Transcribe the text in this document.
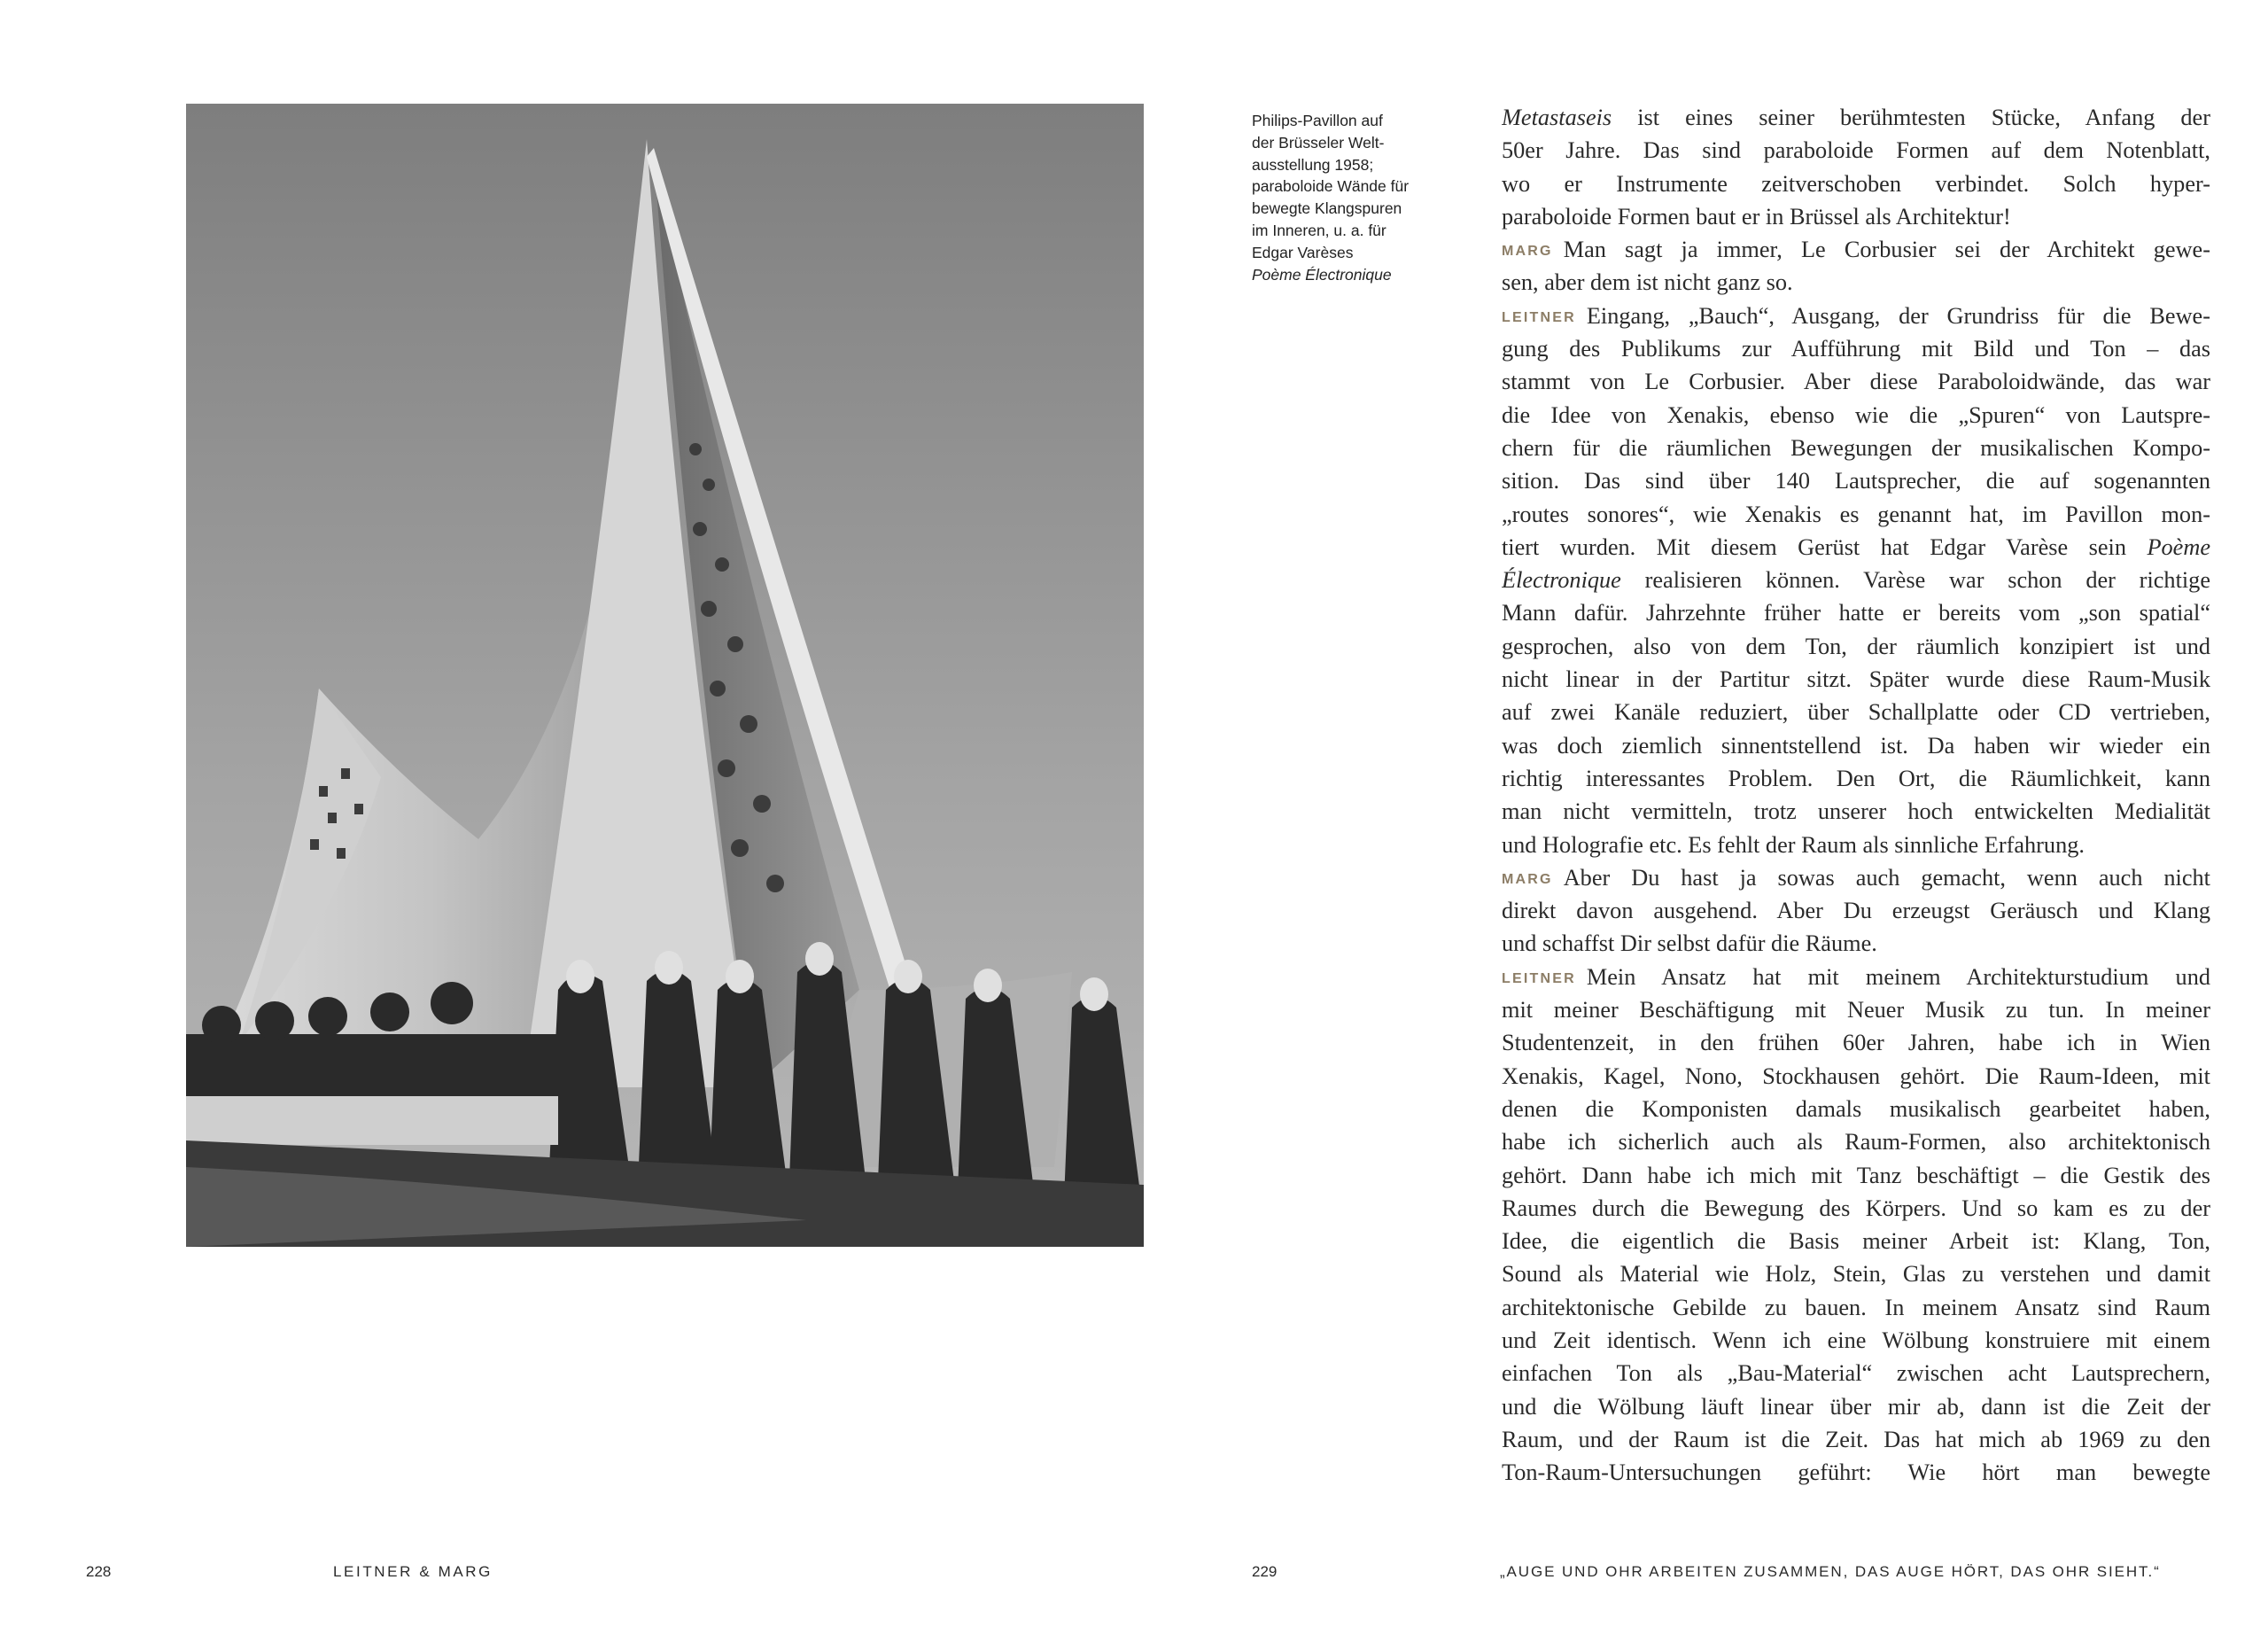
Philips-Pavillon auf
der Brüsseler Welt-
ausstellung 1958;
paraboloide Wände für
bewegte Klangspuren
im Inneren, u. a. für
Edgar Varèses
Poème Électronique
Metastaseis ist eines seiner berühmtesten Stücke, Anfang der
50er Jahre. Das sind paraboloide Formen auf dem Notenblatt,
wo er Instrumente zeitverschoben verbindet. Solch hyper-
paraboloide Formen baut er in Brüssel als Architektur!
MARG Man sagt ja immer, Le Corbusier sei der Architekt gewe-
sen, aber dem ist nicht ganz so.
LEITNER Eingang, „Bauch“, Ausgang, der Grundriss für die Bewe-
gung des Publikums zur Aufführung mit Bild und Ton – das
stammt von Le Corbusier. Aber diese Paraboloidwände, das war
die Idee von Xenakis, ebenso wie die „Spuren“ von Lautspre-
chern für die räumlichen Bewegungen der musikalischen Kompo-
sition. Das sind über 140 Lautsprecher, die auf sogenannten
„routes sonores“, wie Xenakis es genannt hat, im Pavillon mon-
tiert wurden. Mit diesem Gerüst hat Edgar Varèse sein Poème
Électronique realisieren können. Varèse war schon der richtige
Mann dafür. Jahrzehnte früher hatte er bereits vom „son spatial“
gesprochen, also von dem Ton, der räumlich konzipiert ist und
nicht linear in der Partitur sitzt. Später wurde diese Raum-Musik
auf zwei Kanäle reduziert, über Schallplatte oder CD vertrieben,
was doch ziemlich sinnentstellend ist. Da haben wir wieder ein
richtig interessantes Problem. Den Ort, die Räumlichkeit, kann
man nicht vermitteln, trotz unserer hoch entwickelten Medialität
und Holografie etc. Es fehlt der Raum als sinnliche Erfahrung.
MARG Aber Du hast ja sowas auch gemacht, wenn auch nicht
direkt davon ausgehend. Aber Du erzeugst Geräusch und Klang
und schaffst Dir selbst dafür die Räume.
LEITNER Mein Ansatz hat mit meinem Architekturstudium und
mit meiner Beschäftigung mit Neuer Musik zu tun. In meiner
Studentenzeit, in den frühen 60er Jahren, habe ich in Wien
Xenakis, Kagel, Nono, Stockhausen gehört. Die Raum-Ideen, mit
denen die Komponisten damals musikalisch gearbeitet haben,
habe ich sicherlich auch als Raum-Formen, also architektonisch
gehört. Dann habe ich mich mit Tanz beschäftigt – die Gestik des
Raumes durch die Bewegung des Körpers. Und so kam es zu der
Idee, die eigentlich die Basis meiner Arbeit ist: Klang, Ton,
Sound als Material wie Holz, Stein, Glas zu verstehen und damit
architektonische Gebilde zu bauen. In meinem Ansatz sind Raum
und Zeit identisch. Wenn ich eine Wölbung konstruiere mit einem
einfachen Ton als „Bau-Material“ zwischen acht Lautsprechern,
und die Wölbung läuft linear über mir ab, dann ist die Zeit der
Raum, und der Raum ist die Zeit. Das hat mich ab 1969 zu den
Ton-Raum-Untersuchungen geführt: Wie hört man bewegte
228	LEITNER & MARG	229	„AUGE UND OHR ARBEITEN ZUSAMMEN, DAS AUGE HÖRT, DAS OHR SIEHT.“
